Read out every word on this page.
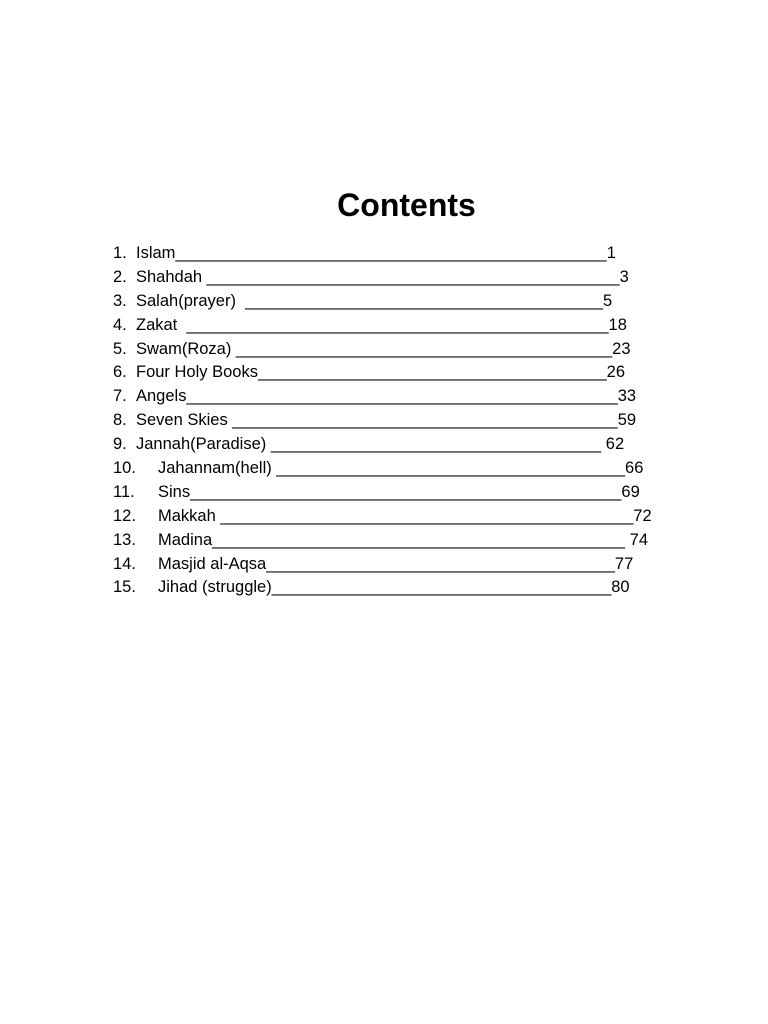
Contents

1.

Islam_______________________________________________1

2.

Shahdah _____________________________________________3

3.

Salah(prayer)  _______________________________________5

4.

Zakat  ______________________________________________18

5.

Swam(Roza) _________________________________________23

6.

Four Holy Books______________________________________26

7.

Angels_______________________________________________33

8.

Seven Skies __________________________________________59

9.

Jannah(Paradise) ____________________________________ 62

10.

Jahannam(hell) ______________________________________66

11.

Sins_______________________________________________69

12.

Makkah _____________________________________________72

13.

Madina_____________________________________________ 74

14.

Masjid al-Aqsa______________________________________77

15.

Jihad (struggle)_____________________________________80
